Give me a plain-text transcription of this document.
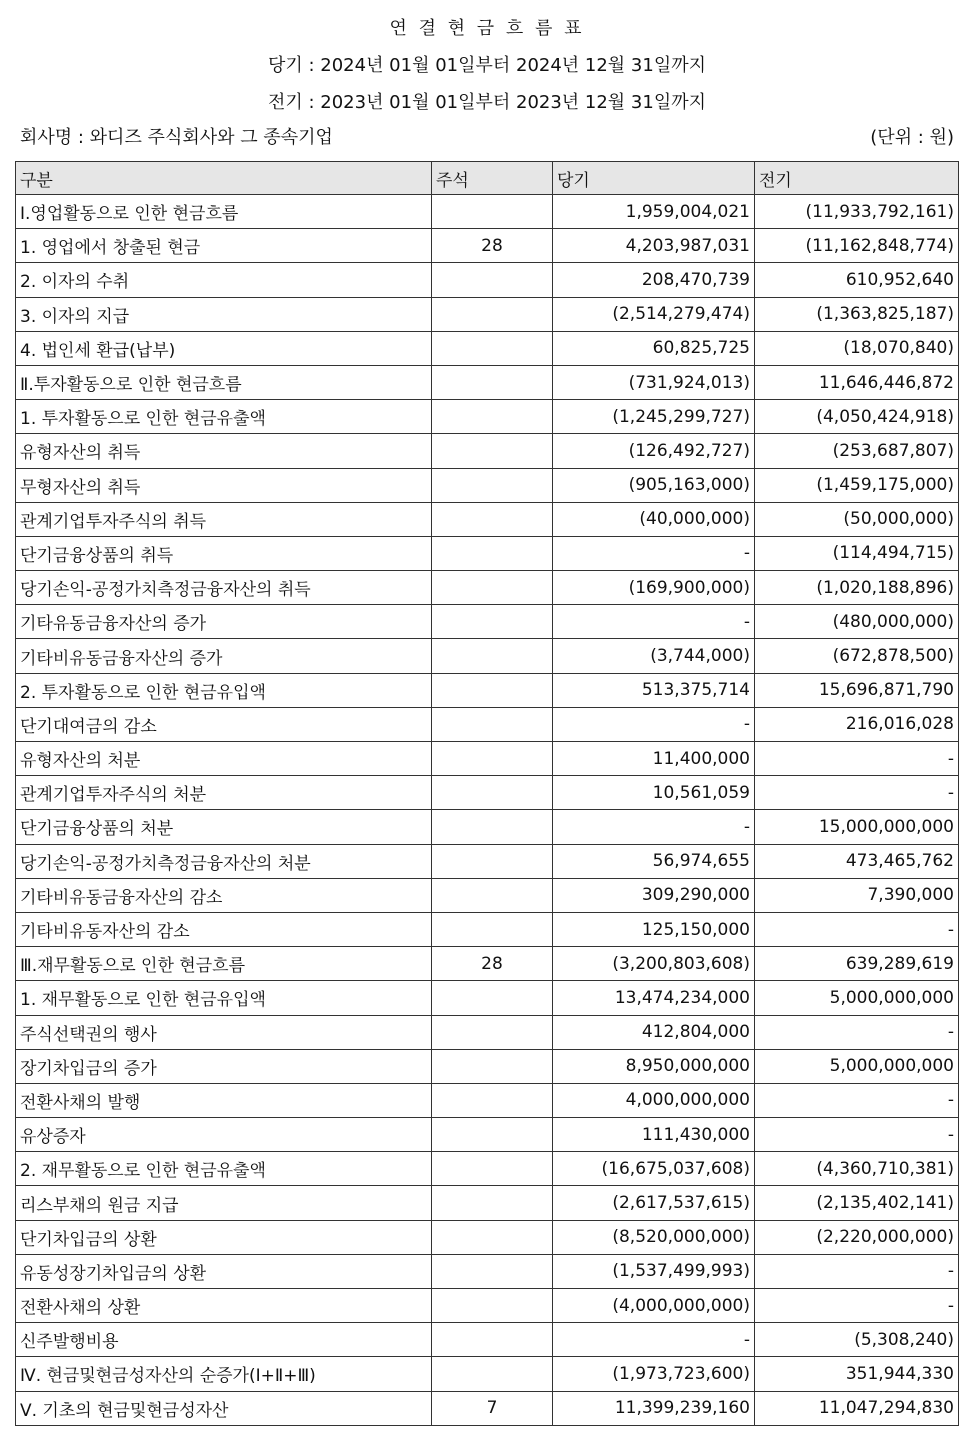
연 결 현 금 흐 름 표
당기 : 2024년 01월 01일부터 2024년 12월 31일까지
전기 : 2023년 01월 01일부터 2023년 12월 31일까지
회사명 : 와디즈 주식회사와 그 종속기업	(단위 : 원)
구분	주석	당기	전기
Ⅰ.영업활동으로 인한 현금흐름		1,959,004,021	(11,933,792,161)
1. 영업에서 창출된 현금	28	4,203,987,031	(11,162,848,774)
2. 이자의 수취		208,470,739	610,952,640
3. 이자의 지급		(2,514,279,474)	(1,363,825,187)
4. 법인세 환급(납부)		60,825,725	(18,070,840)
Ⅱ.투자활동으로 인한 현금흐름		(731,924,013)	11,646,446,872
1. 투자활동으로 인한 현금유출액		(1,245,299,727)	(4,050,424,918)
유형자산의 취득		(126,492,727)	(253,687,807)
무형자산의 취득		(905,163,000)	(1,459,175,000)
관계기업투자주식의 취득		(40,000,000)	(50,000,000)
단기금융상품의 취득		-	(114,494,715)
당기손익-공정가치측정금융자산의 취득		(169,900,000)	(1,020,188,896)
기타유동금융자산의 증가		-	(480,000,000)
기타비유동금융자산의 증가		(3,744,000)	(672,878,500)
2. 투자활동으로 인한 현금유입액		513,375,714	15,696,871,790
단기대여금의 감소		-	216,016,028
유형자산의 처분		11,400,000	-
관계기업투자주식의 처분		10,561,059	-
단기금융상품의 처분		-	15,000,000,000
당기손익-공정가치측정금융자산의 처분		56,974,655	473,465,762
기타비유동금융자산의 감소		309,290,000	7,390,000
기타비유동자산의 감소		125,150,000	-
Ⅲ.재무활동으로 인한 현금흐름	28	(3,200,803,608)	639,289,619
1. 재무활동으로 인한 현금유입액		13,474,234,000	5,000,000,000
주식선택권의 행사		412,804,000	-
장기차입금의 증가		8,950,000,000	5,000,000,000
전환사채의 발행		4,000,000,000	-
유상증자		111,430,000	-
2. 재무활동으로 인한 현금유출액		(16,675,037,608)	(4,360,710,381)
리스부채의 원금 지급		(2,617,537,615)	(2,135,402,141)
단기차입금의 상환		(8,520,000,000)	(2,220,000,000)
유동성장기차입금의 상환		(1,537,499,993)	-
전환사채의 상환		(4,000,000,000)	-
신주발행비용		-	(5,308,240)
Ⅳ. 현금및현금성자산의 순증가(Ⅰ+Ⅱ+Ⅲ)		(1,973,723,600)	351,944,330
Ⅴ. 기초의 현금및현금성자산	7	11,399,239,160	11,047,294,830
